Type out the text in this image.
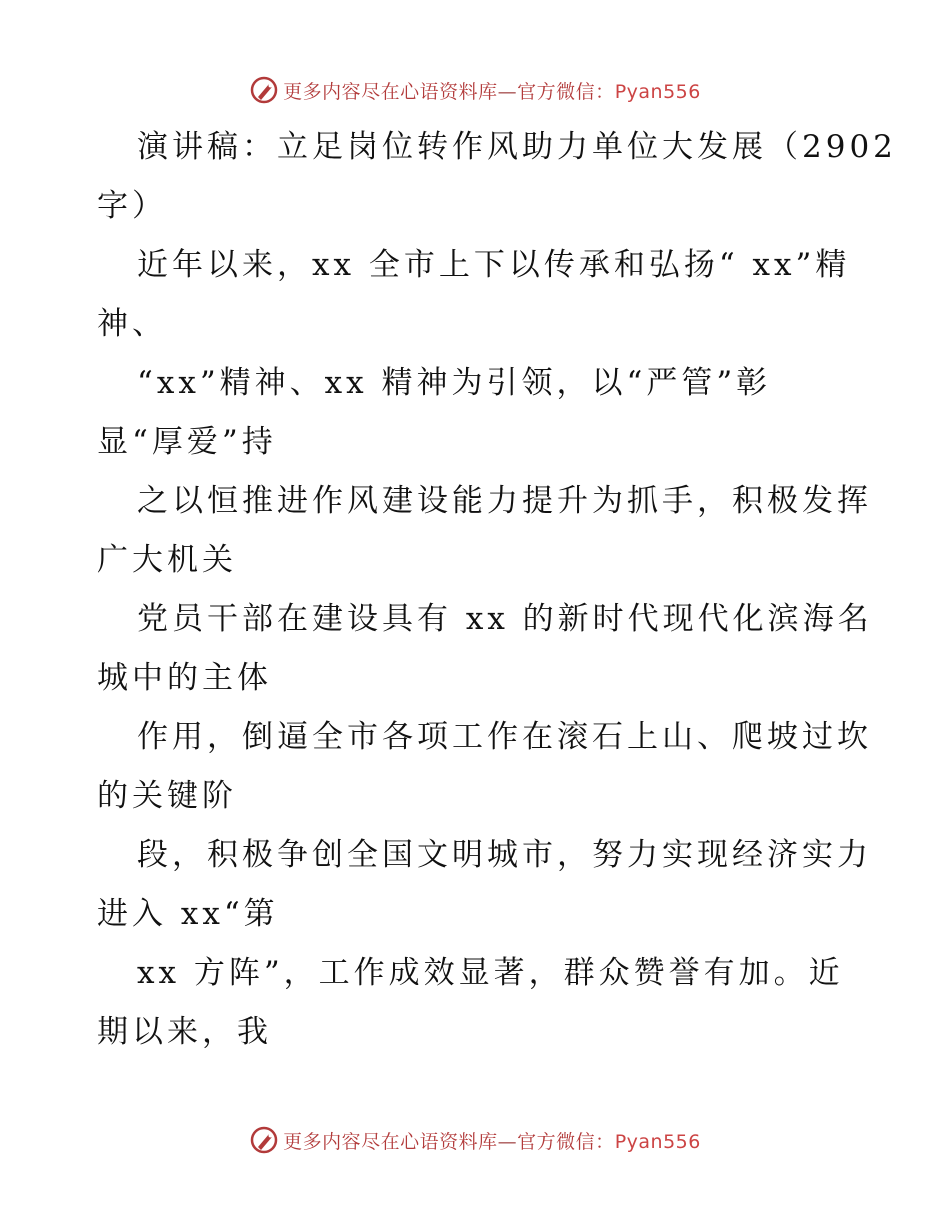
更多内容尽在心语资料库—官方微信：Pyan556

演讲稿：立足岗位转作风助力单位大发展（2902
字）

近年以来，xx 全市上下以传承和弘扬“ xx”精
神、

“xx”精神、xx 精神为引领，以“严管”彰
显“厚爱”持

之以恒推进作风建设能力提升为抓手，积极发挥
广大机关

党员干部在建设具有 xx 的新时代现代化滨海名
城中的主体

作用，倒逼全市各项工作在滚石上山、爬坡过坎
的关键阶

段，积极争创全国文明城市，努力实现经济实力
进入 xx“第

xx 方阵”，工作成效显著，群众赞誉有加。近
期以来，我

更多内容尽在心语资料库—官方微信：Pyan556
